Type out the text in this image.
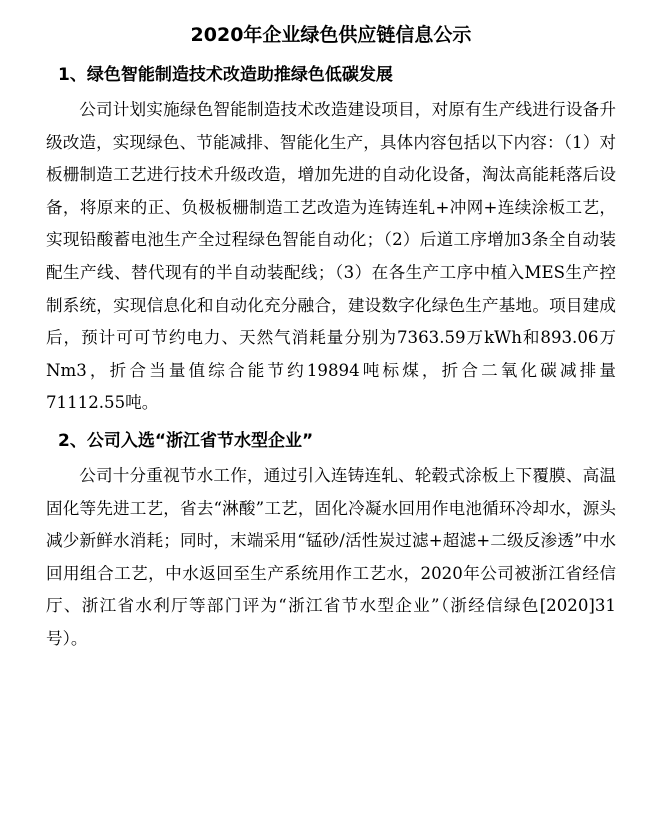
2020年企业绿色供应链信息公示
1、绿色智能制造技术改造助推绿色低碳发展

公司计划实施绿色智能制造技术改造建设项目，对原有生产线进行设备升级改造，实现绿色、节能减排、智能化生产，具体内容包括以下内容：（1）对板栅制造工艺进行技术升级改造，增加先进的自动化设备，淘汰高能耗落后设备，将原来的正、负极板栅制造工艺改造为连铸连轧+冲网+连续涂板工艺，实现铅酸蓄电池生产全过程绿色智能自动化；（2）后道工序增加3条全自动装配生产线、替代现有的半自动装配线；（3）在各生产工序中植入MES生产控制系统，实现信息化和自动化充分融合，建设数字化绿色生产基地。项目建成后，预计可可节约电力、天然气消耗量分别为7363.59万kWh和893.06万Nm3，折合当量值综合能节约19894吨标煤，折合二氧化碳减排量71112.55吨。

2、公司入选“浙江省节水型企业”

公司十分重视节水工作，通过引入连铸连轧、轮毂式涂板上下覆膜、高温固化等先进工艺，省去“淋酸”工艺，固化冷凝水回用作电池循环冷却水，源头减少新鲜水消耗；同时，末端采用“锰砂/活性炭过滤+超滤+二级反渗透”中水回用组合工艺，中水返回至生产系统用作工艺水，2020年公司被浙江省经信厅、浙江省水利厅等部门评为“浙江省节水型企业”（浙经信绿色[2020]31号）。
